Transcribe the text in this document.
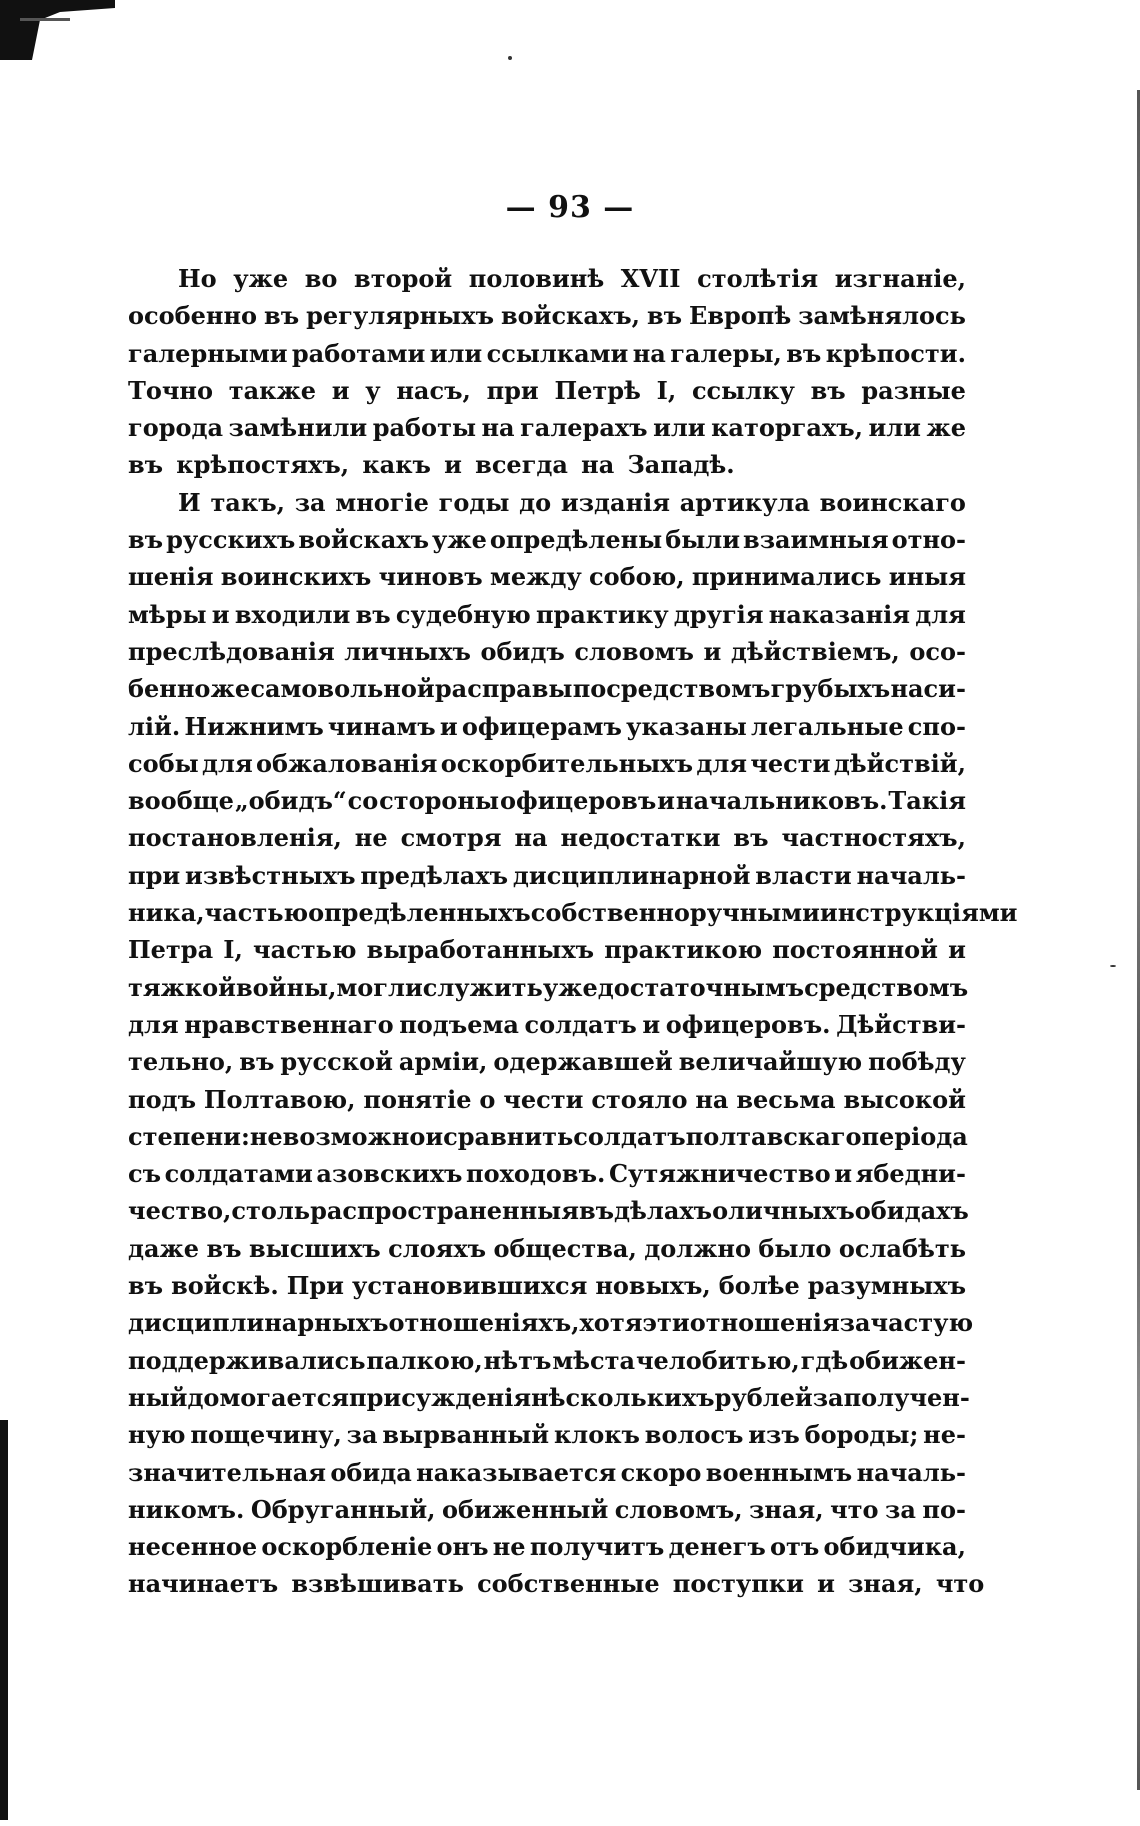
— 93 —
Но уже во второй половинѣ XVII столѣтія изгнаніе,
особенно въ регулярныхъ войскахъ, въ Европѣ замѣнялось
галерными работами или ссылками на галеры, въ крѣпости.
Точно также и у насъ, при Петрѣ I, ссылку въ разные
города замѣнили работы на галерахъ или каторгахъ, или же
въ крѣпостяхъ, какъ и всегда на Западѣ.
И такъ, за многіе годы до изданія артикула воинскаго
въ русскихъ войскахъ уже опредѣлены были взаимныя отно-
шенія воинскихъ чиновъ между собою, принимались иныя
мѣры и входили въ судебную практику другія наказанія для
преслѣдованія личныхъ обидъ словомъ и дѣйствіемъ, осо-
бенно же самовольной расправы посредствомъ грубыхъ наси-
лій. Нижнимъ чинамъ и офицерамъ указаны легальные спо-
собы для обжалованія оскорбительныхъ для чести дѣйствій,
вообще „обидъ“ со стороны офицеровъ и начальниковъ. Такія
постановленія, не смотря на недостатки въ частностяхъ,
при извѣстныхъ предѣлахъ дисциплинарной власти началь-
ника, частью опредѣленныхъ собственноручными инструкціями
Петра I, частью выработанныхъ практикою постоянной и
тяжкой войны, могли служить уже достаточнымъ средствомъ
для нравственнаго подъема солдатъ и офицеровъ. Дѣйстви-
тельно, въ русской арміи, одержавшей величайшую побѣду
подъ Полтавою, понятіе о чести стояло на весьма высокой
степени: невозможно и сравнить солдатъ полтавскаго періода
съ солдатами азовскихъ походовъ. Сутяжничество и ябедни-
чество, столь распространенныя въ дѣлахъ о личныхъ обидахъ
даже въ высшихъ слояхъ общества, должно было ослабѣть
въ войскѣ. При установившихся новыхъ, болѣе разумныхъ
дисциплинарныхъ отношеніяхъ, хотя эти отношенія зачастую
поддерживались палкою, нѣтъ мѣста челобитью, гдѣ обижен-
ный домогается присужденія нѣсколькихъ рублей за получен-
ную пощечину, за вырванный клокъ волосъ изъ бороды; не-
значительная обида наказывается скоро военнымъ началь-
никомъ. Обруганный, обиженный словомъ, зная, что за по-
несенное оскорбленіе онъ не получитъ денегъ отъ обидчика,
начинаетъ взвѣшивать собственные поступки и зная, что
